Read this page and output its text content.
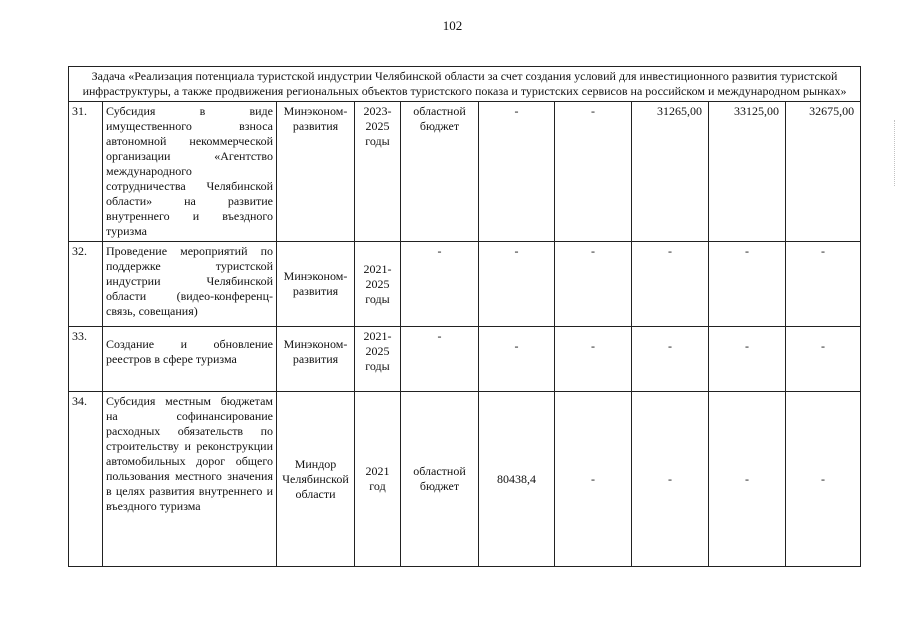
102
Задача «Реализация потенциала туристской индустрии Челябинской области за счет создания условий для инвестиционного развития туристской инфраструктуры, а также продвижения региональных объектов туристского показа и туристских сервисов на российском и международном рынках»									
31.	Субсидия в виде имущественного взноса автономной некоммерческой организации «Агентство международного сотрудничества Челябинской области» на развитие внутреннего и въездного туризма	Минэконом-развития	2023-2025 годы	областной бюджет	-	-	31265,00	33125,00	32675,00
32.	Проведение мероприятий по поддержке туристской индустрии Челябинской области (видео-конференц-связь, совещания)	Минэконом-развития	2021-2025 годы	-	-	-	-	-	-
33.	Создание и обновление реестров в сфере туризма	Минэконом-развития	2021-2025 годы	-	-	-	-	-	-
34.	Субсидия местным бюджетам на софинансирование расходных обязательств по строительству и реконструкции автомобильных дорог общего пользования местного значения в целях развития внутреннего и въездного туризма	Миндор Челябинской области	2021 год	областной бюджет	80438,4	-	-	-	-
